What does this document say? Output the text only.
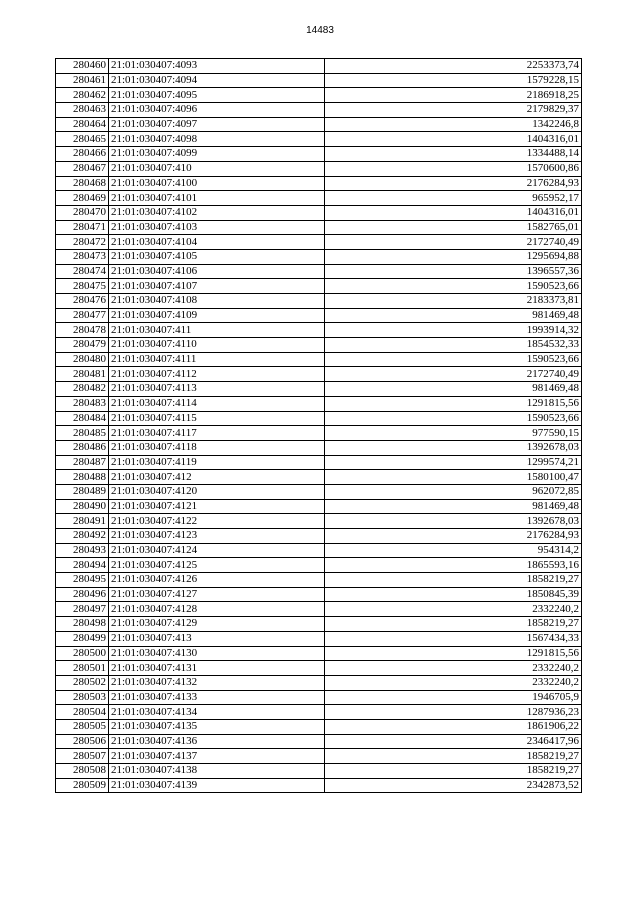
14483
280460	21:01:030407:4093	2253373,74
280461	21:01:030407:4094	1579228,15
280462	21:01:030407:4095	2186918,25
280463	21:01:030407:4096	2179829,37
280464	21:01:030407:4097	1342246,8
280465	21:01:030407:4098	1404316,01
280466	21:01:030407:4099	1334488,14
280467	21:01:030407:410	1570600,86
280468	21:01:030407:4100	2176284,93
280469	21:01:030407:4101	965952,17
280470	21:01:030407:4102	1404316,01
280471	21:01:030407:4103	1582765,01
280472	21:01:030407:4104	2172740,49
280473	21:01:030407:4105	1295694,88
280474	21:01:030407:4106	1396557,36
280475	21:01:030407:4107	1590523,66
280476	21:01:030407:4108	2183373,81
280477	21:01:030407:4109	981469,48
280478	21:01:030407:411	1993914,32
280479	21:01:030407:4110	1854532,33
280480	21:01:030407:4111	1590523,66
280481	21:01:030407:4112	2172740,49
280482	21:01:030407:4113	981469,48
280483	21:01:030407:4114	1291815,56
280484	21:01:030407:4115	1590523,66
280485	21:01:030407:4117	977590,15
280486	21:01:030407:4118	1392678,03
280487	21:01:030407:4119	1299574,21
280488	21:01:030407:412	1580100,47
280489	21:01:030407:4120	962072,85
280490	21:01:030407:4121	981469,48
280491	21:01:030407:4122	1392678,03
280492	21:01:030407:4123	2176284,93
280493	21:01:030407:4124	954314,2
280494	21:01:030407:4125	1865593,16
280495	21:01:030407:4126	1858219,27
280496	21:01:030407:4127	1850845,39
280497	21:01:030407:4128	2332240,2
280498	21:01:030407:4129	1858219,27
280499	21:01:030407:413	1567434,33
280500	21:01:030407:4130	1291815,56
280501	21:01:030407:4131	2332240,2
280502	21:01:030407:4132	2332240,2
280503	21:01:030407:4133	1946705,9
280504	21:01:030407:4134	1287936,23
280505	21:01:030407:4135	1861906,22
280506	21:01:030407:4136	2346417,96
280507	21:01:030407:4137	1858219,27
280508	21:01:030407:4138	1858219,27
280509	21:01:030407:4139	2342873,52
